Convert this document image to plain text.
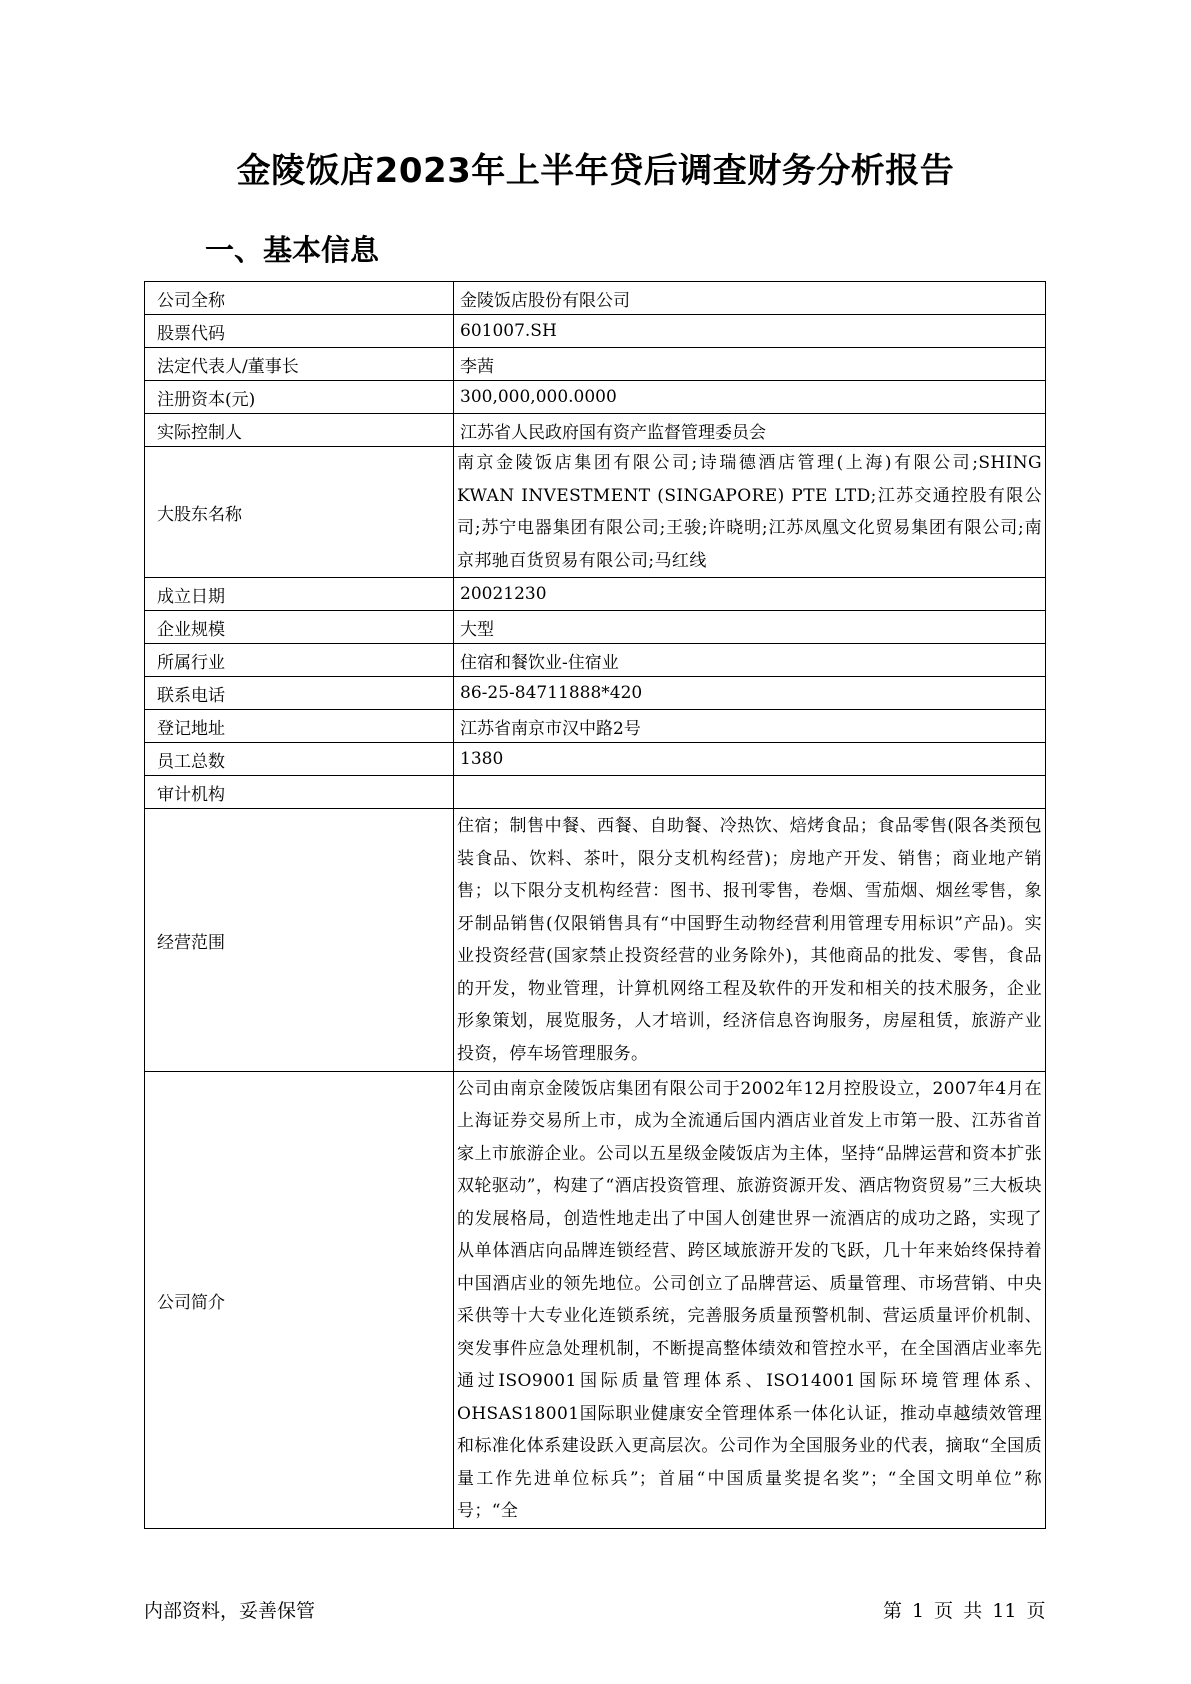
金陵饭店2023年上半年贷后调查财务分析报告
一、基本信息
公司全称	金陵饭店股份有限公司
股票代码	601007.SH
法定代表人/董事长	李茜
注册资本(元)	300,000,000.0000
实际控制人	江苏省人民政府国有资产监督管理委员会
大股东名称	南京金陵饭店集团有限公司;诗瑞德酒店管理(上海)有限公司;SHING KWAN INVESTMENT (SINGAPORE) PTE LTD;江苏交通控股有限公司;苏宁电器集团有限公司;王骏;许晓明;江苏凤凰文化贸易集团有限公司;南京邦驰百货贸易有限公司;马红线
成立日期	20021230
企业规模	大型
所属行业	住宿和餐饮业-住宿业
联系电话	86-25-84711888*420
登记地址	江苏省南京市汉中路2号
员工总数	1380
审计机构	
经营范围	住宿；制售中餐、西餐、自助餐、冷热饮、焙烤食品；食品零售(限各类预包装食品、饮料、茶叶，限分支机构经营)；房地产开发、销售；商业地产销售；以下限分支机构经营：图书、报刊零售，卷烟、雪茄烟、烟丝零售，象牙制品销售(仅限销售具有“中国野生动物经营利用管理专用标识”产品)。实业投资经营(国家禁止投资经营的业务除外)，其他商品的批发、零售，食品的开发，物业管理，计算机网络工程及软件的开发和相关的技术服务，企业形象策划，展览服务，人才培训，经济信息咨询服务，房屋租赁，旅游产业投资，停车场管理服务。
公司简介	公司由南京金陵饭店集团有限公司于2002年12月控股设立，2007年4月在上海证券交易所上市，成为全流通后国内酒店业首发上市第一股、江苏省首家上市旅游企业。公司以五星级金陵饭店为主体，坚持“品牌运营和资本扩张双轮驱动”，构建了“酒店投资管理、旅游资源开发、酒店物资贸易”三大板块的发展格局，创造性地走出了中国人创建世界一流酒店的成功之路，实现了从单体酒店向品牌连锁经营、跨区域旅游开发的飞跃，几十年来始终保持着中国酒店业的领先地位。公司创立了品牌营运、质量管理、市场营销、中央采供等十大专业化连锁系统，完善服务质量预警机制、营运质量评价机制、突发事件应急处理机制，不断提高整体绩效和管控水平，在全国酒店业率先通过ISO9001国际质量管理体系、ISO14001国际环境管理体系、OHSAS18001国际职业健康安全管理体系一体化认证，推动卓越绩效管理和标准化体系建设跃入更高层次。公司作为全国服务业的代表，摘取“全国质量工作先进单位标兵”；首届“中国质量奖提名奖”；“全国文明单位”称号；“全
内部资料，妥善保管	第 1 页 共 11 页
